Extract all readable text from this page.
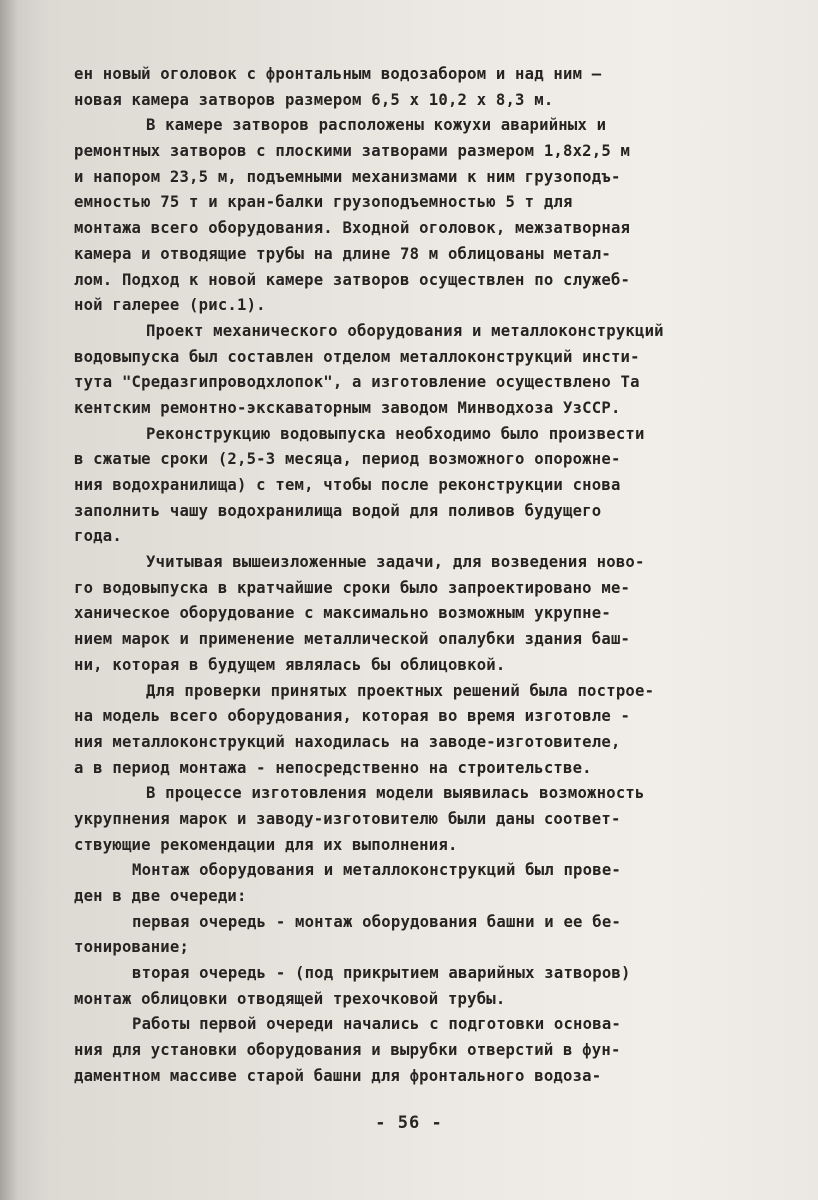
ен новый оголовок с фронтальным водозабором и над ним –
новая камера затворов размером 6,5 х 10,2 х 8,3 м.
В камере затворов расположены кожухи аварийных и
ремонтных затворов с плоскими затворами размером 1,8х2,5 м
и напором 23,5 м, подъемными механизмами к ним грузоподъ-
емностью 75 т и кран-балки грузоподъемностью 5 т для
монтажа всего оборудования. Входной оголовок, межзатворная
камера и отводящие трубы на длине 78 м облицованы метал-
лом. Подход к новой камере затворов осуществлен по служеб-
ной галерее (рис.1).
Проект механического оборудования и металлоконструкций
водовыпуска был составлен отделом металлоконструкций инсти-
тута "Средазгипроводхлопок", а изготовление осуществлено Та
кентским ремонтно-экскаваторным заводом Минводхоза УзССР.
Реконструкцию водовыпуска необходимо было произвести
в сжатые сроки (2,5-3 месяца, период возможного опорожне-
ния водохранилища) с тем, чтобы после реконструкции снова
заполнить чашу водохранилища водой для поливов будущего
года.
Учитывая вышеизложенные задачи, для возведения ново-
го водовыпуска в кратчайшие сроки было запроектировано ме-
ханическое оборудование с максимально возможным укрупне-
нием марок и применение металлической опалубки здания баш-
ни, которая в будущем являлась бы облицовкой.
Для проверки принятых проектных решений была построе-
на модель всего оборудования, которая во время изготовле -
ния металлоконструкций находилась на заводе-изготовителе,
а в период монтажа - непосредственно на строительстве.
В процессе изготовления модели выявилась возможность
укрупнения марок и заводу-изготовителю были даны соответ-
ствующие рекомендации для их выполнения.
Монтаж оборудования и металлоконструкций был прове-
ден в две очереди:
первая очередь - монтаж оборудования башни и ее бе-
тонирование;
вторая очередь - (под прикрытием аварийных затворов)
монтаж облицовки отводящей трехочковой трубы.
Работы первой очереди начались с подготовки основа-
ния для установки оборудования и вырубки отверстий в фун-
даментном массиве старой башни для фронтального водоза-
- 56 -
